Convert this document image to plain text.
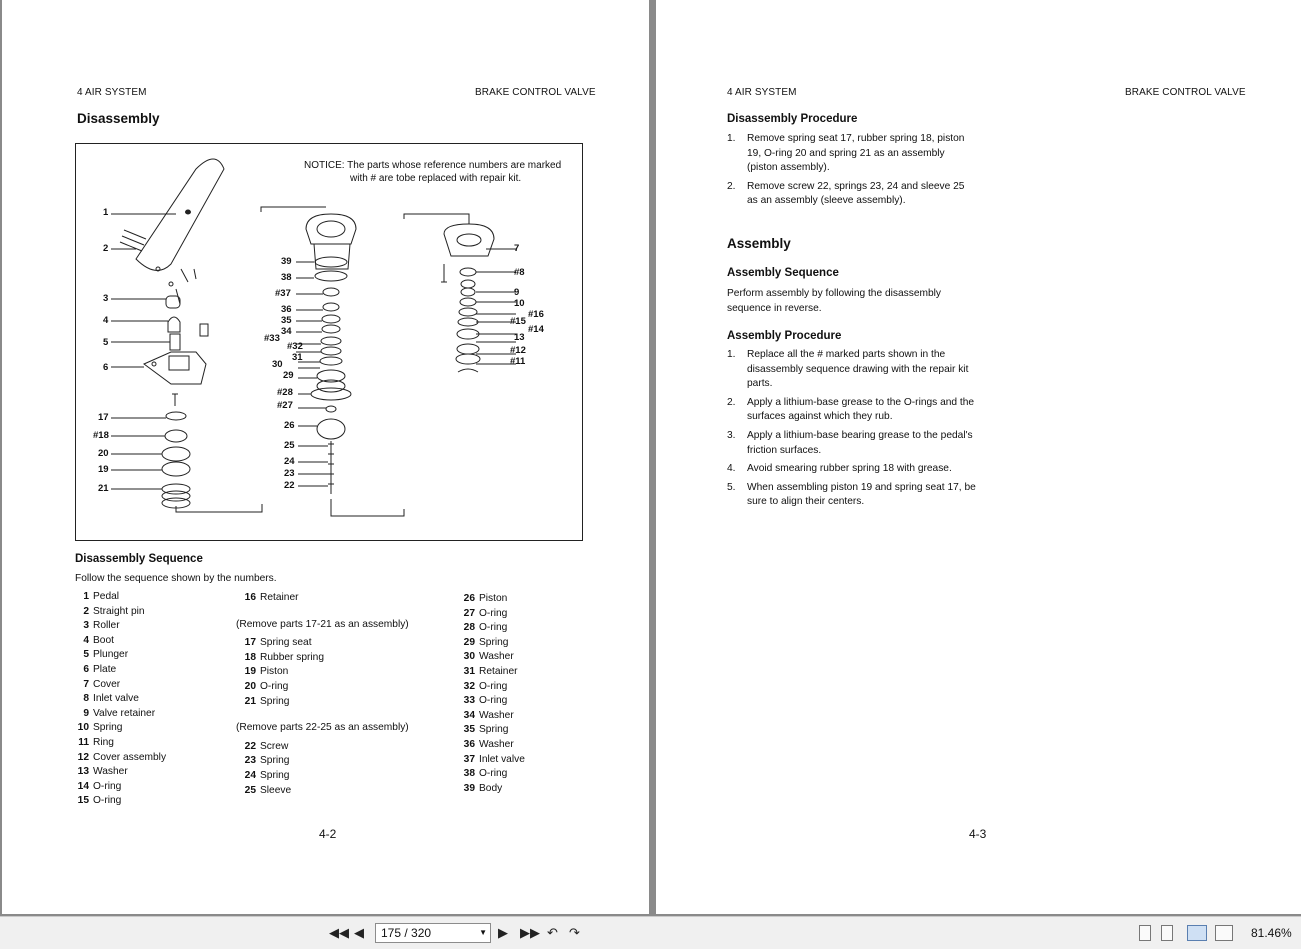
4 AIR SYSTEM	BRAKE CONTROL VALVE
Disassembly
NOTICE: The parts whose reference numbers are marked
with # are tobe replaced with repair kit.
1
2
3
4
5
6
17
#18
20
19
21
39
38
#37
36
35
34
#33
#32
31
30
29
#28
#27
26
25
24
23
22
7
#8
9
10
#16
#15
#14
13
#12
#11
Disassembly Sequence
Follow the sequence shown by the numbers.
1 Pedal
2 Straight pin
3 Roller
4 Boot
5 Plunger
6 Plate
7 Cover
8 Inlet valve
9 Valve retainer
10 Spring
11 Ring
12 Cover assembly
13 Washer
14 O-ring
15 O-ring
16 Retainer
(Remove parts 17-21 as an assembly)
17 Spring seat
18 Rubber spring
19 Piston
20 O-ring
21 Spring
(Remove parts 22-25 as an assembly)
22 Screw
23 Spring
24 Spring
25 Sleeve
26 Piston
27 O-ring
28 O-ring
29 Spring
30 Washer
31 Retainer
32 O-ring
33 O-ring
34 Washer
35 Spring
36 Washer
37 Inlet valve
38 O-ring
39 Body
4-2
4 AIR SYSTEM	BRAKE CONTROL VALVE
Disassembly Procedure
1. Remove spring seat 17, rubber spring 18, piston 19, O-ring 20 and spring 21 as an assembly (piston assembly).
2. Remove screw 22, springs 23, 24 and sleeve 25 as an assembly (sleeve assembly).
Assembly
Assembly Sequence
Perform assembly by following the disassembly sequence in reverse.
Assembly Procedure
1. Replace all the # marked parts shown in the disassembly sequence drawing with the repair kit parts.
2. Apply a lithium-base grease to the O-rings and the surfaces against which they rub.
3. Apply a lithium-base bearing grease to the pedal's friction surfaces.
4. Avoid smearing rubber spring 18 with grease.
5. When assembling piston 19 and spring seat 17, be sure to align their centers.
4-3
◀◀ ◀	175 / 320	▼ ▶ ▶▶ ↶ ↷	81.46%
